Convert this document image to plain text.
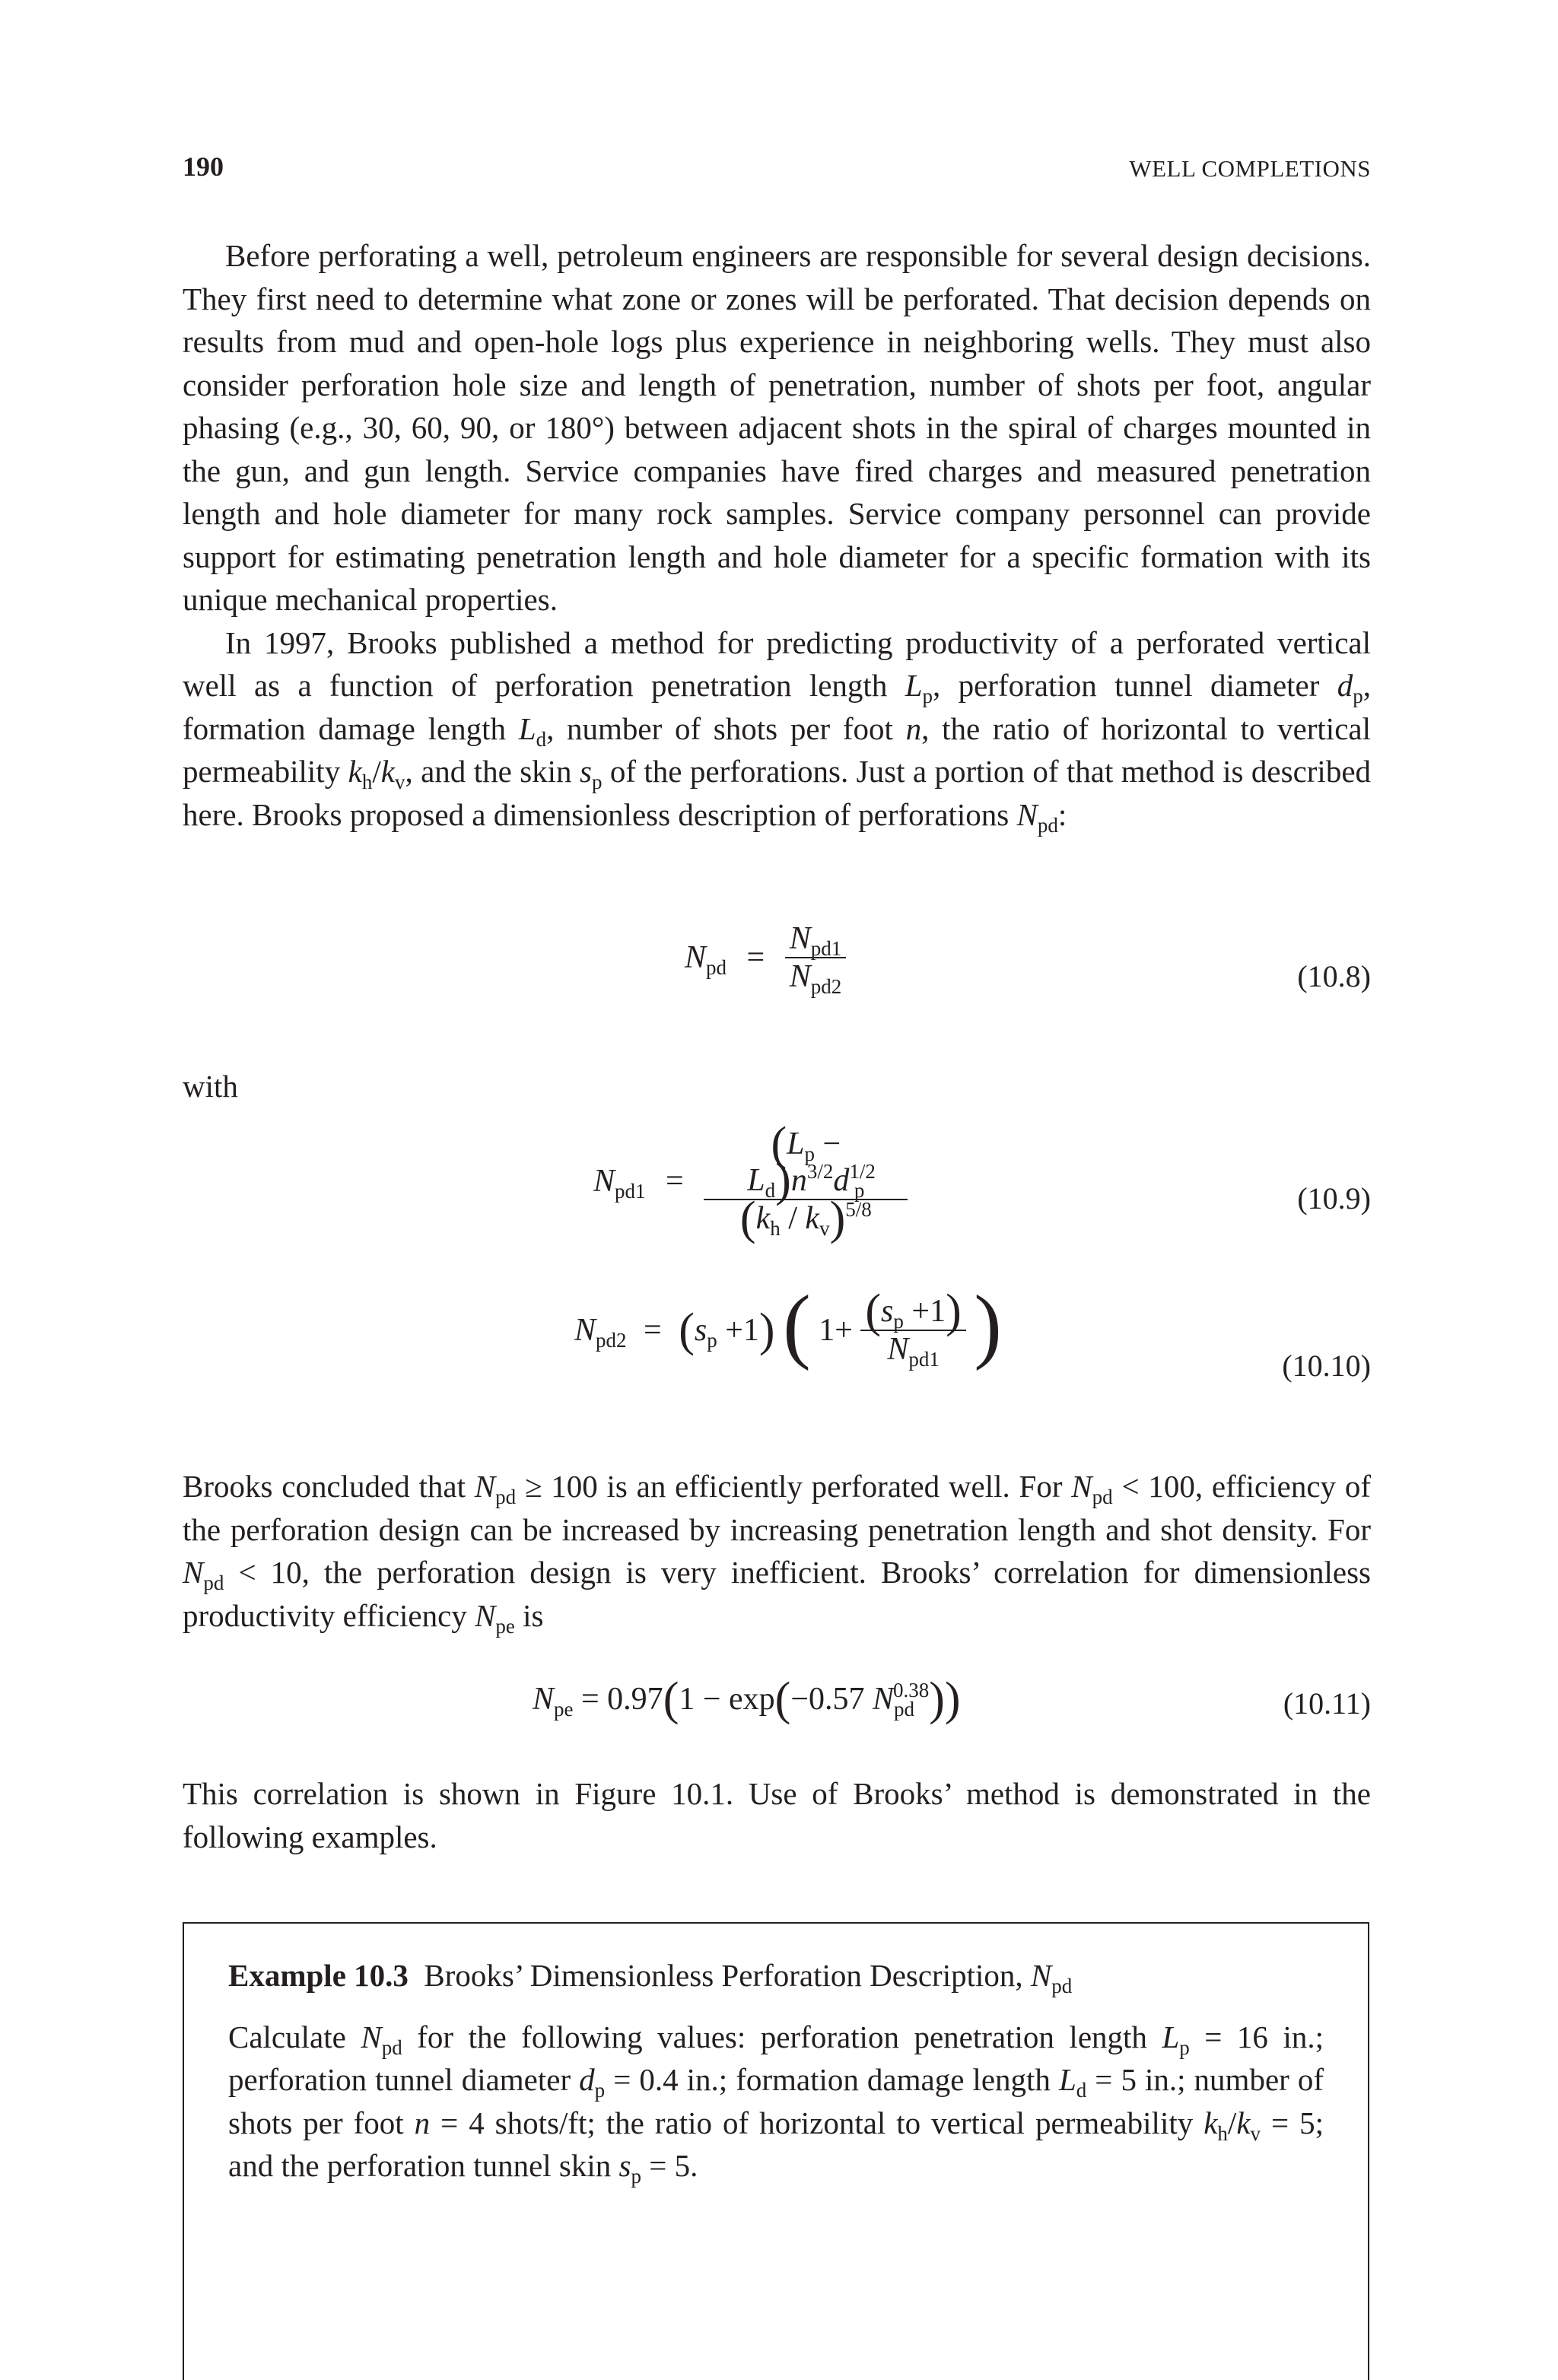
190	WELL COMPLETIONS

Before perforating a well, petroleum engineers are responsible for several design decisions. They first need to determine what zone or zones will be perforated. That decision depends on results from mud and open-hole logs plus experience in neighboring wells. They must also consider perforation hole size and length of penetration, number of shots per foot, angular phasing (e.g., 30, 60, 90, or 180°) between adjacent shots in the spiral of charges mounted in the gun, and gun length. Service companies have fired charges and measured penetration length and hole diameter for many rock samples. Service company personnel can provide support for estimating penetration length and hole diameter for a specific formation with its unique mechanical properties.

In 1997, Brooks published a method for predicting productivity of a perforated vertical well as a function of perforation penetration length $L_p$, perforation tunnel diameter $d_p$, formation damage length $L_d$, number of shots per foot n, the ratio of horizontal to vertical permeability $k_h/k_v$, and the skin $s_p$ of the perforations. Just a portion of that method is described here. Brooks proposed a dimensionless description of perforations $N_{pd}$:

$N_{pd} = \frac{N_{pd1}}{N_{pd2}}$	(10.8)
with
$N_{pd1} = \frac{(L_p - L_d)n^{3/2}d^{1/2}_p}{(k_h / k_v)^{5/8}}$	(10.9)
$N_{pd2} = (s_p +1)$ ( $1+ \frac{(s_p +1)}{N_{pd1}}$ )	(10.10)

Brooks concluded that $N_{pd} \ge 100$ is an efficiently perforated well. For $N_{pd} < 100$, efficiency of the perforation design can be increased by increasing penetration length and shot density. For $N_{pd} < 10$, the perforation design is very inefficient. Brooks’ correlation for dimensionless productivity efficiency $N_{pe}$ is

$N_{pe} = 0.97(1 - \exp(-0.57$ $N_{pd}^{0.38}$))	(10.11)

This correlation is shown in Figure 10.1. Use of Brooks’ method is demonstrated in the following examples.

Example 10.3 Brooks’ Dimensionless Perforation Description, $N_{pd}$

Calculate $N_{pd}$ for the following values: perforation penetration length $L_p = 16$ in.; perforation tunnel diameter $d_p = 0.4$ in.; formation damage length $L_d = 5$ in.; number of shots per foot n = 4 shots/ft; the ratio of horizontal to vertical permeability $k_h/k_v = 5$; and the perforation tunnel skin $s_p = 5$.
